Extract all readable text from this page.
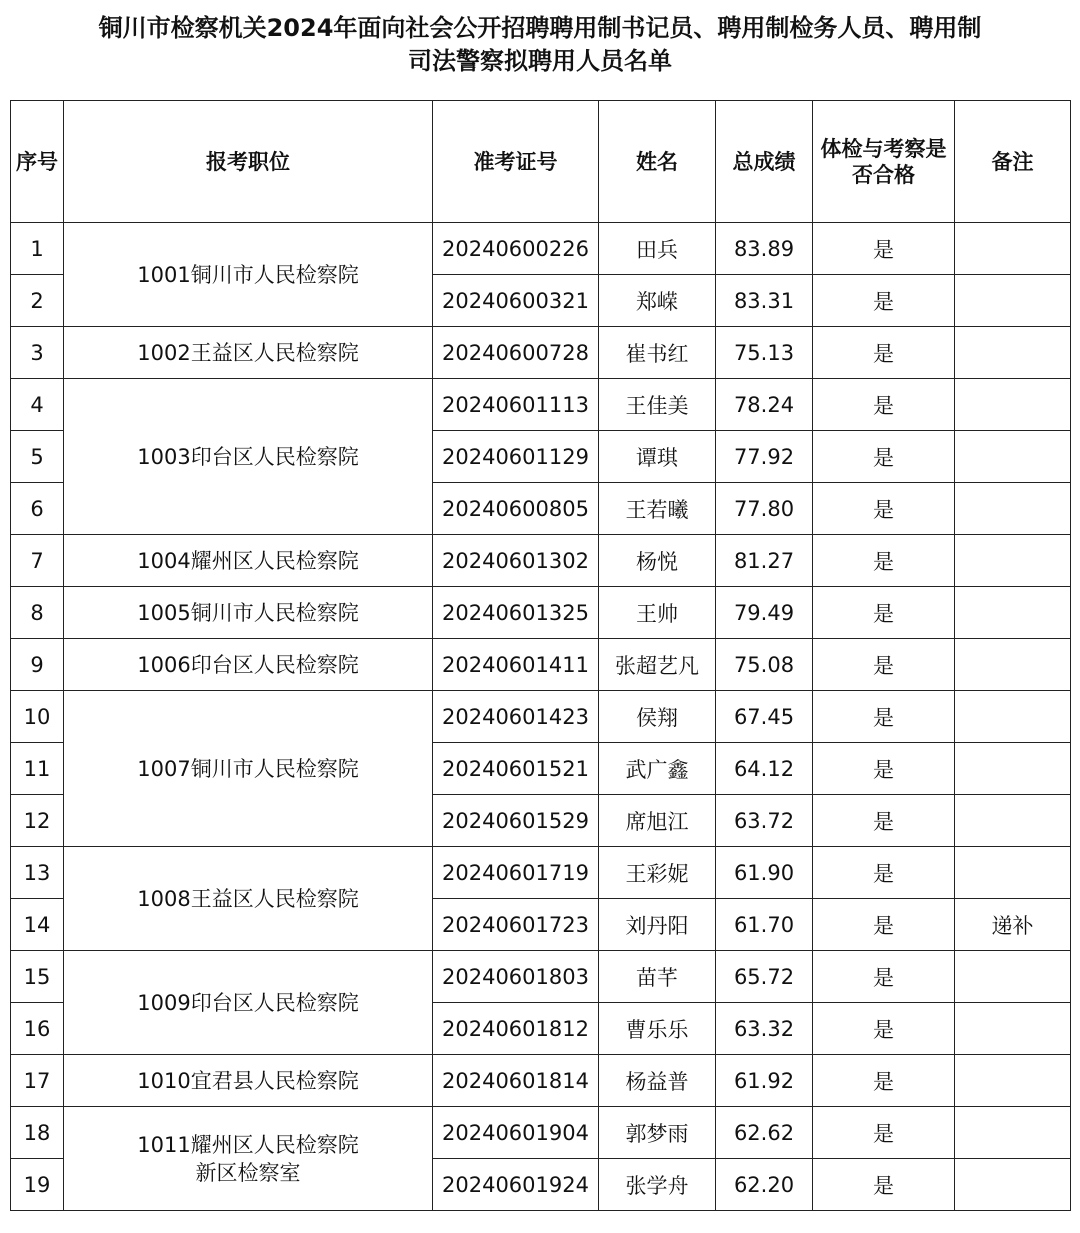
铜川市检察机关2024年面向社会公开招聘聘用制书记员、聘用制检务人员、聘用制
司法警察拟聘用人员名单
序号	报考职位	准考证号	姓名	总成绩	体检与考察是
否合格	备注
1	1001铜川市人民检察院	20240600226	田兵	83.89	是	
2		20240600321	郑嵘	83.31	是	
3	1002王益区人民检察院	20240600728	崔书红	75.13	是	
4	1003印台区人民检察院	20240601113	王佳美	78.24	是	
5		20240601129	谭琪	77.92	是	
6		20240600805	王若曦	77.80	是	
7	1004耀州区人民检察院	20240601302	杨悦	81.27	是	
8	1005铜川市人民检察院	20240601325	王帅	79.49	是	
9	1006印台区人民检察院	20240601411	张超艺凡	75.08	是	
10	1007铜川市人民检察院	20240601423	侯翔	67.45	是	
11		20240601521	武广鑫	64.12	是	
12		20240601529	席旭江	63.72	是	
13	1008王益区人民检察院	20240601719	王彩妮	61.90	是	
14		20240601723	刘丹阳	61.70	是	递补
15	1009印台区人民检察院	20240601803	苗芊	65.72	是	
16		20240601812	曹乐乐	63.32	是	
17	1010宜君县人民检察院	20240601814	杨益普	61.92	是	
18	1011耀州区人民检察院
新区检察室	20240601904	郭梦雨	62.62	是	
19		20240601924	张学舟	62.20	是	
